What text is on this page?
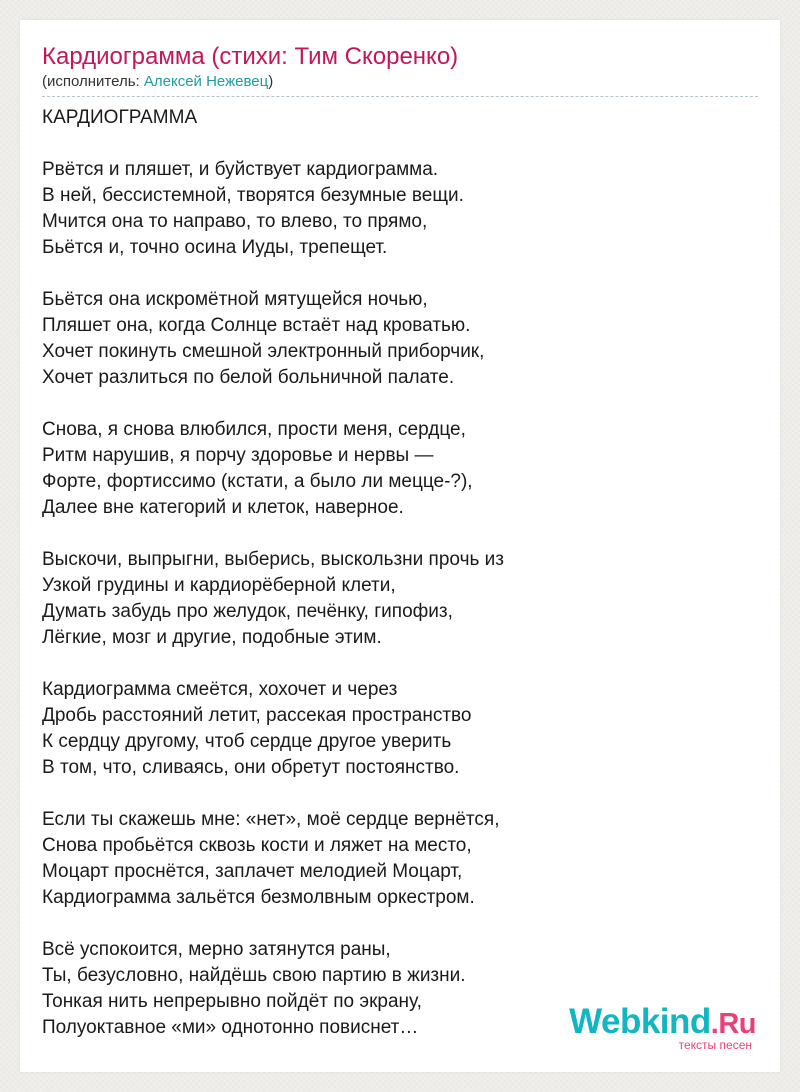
Кардиограмма (стихи: Тим Скоренко)
(исполнитель: Алексей Нежевец)
КАРДИОГРАММА
Рвётся и пляшет, и буйствует кардиограмма.
В ней, бессистемной, творятся безумные вещи.
Мчится она то направо, то влево, то прямо,
Бьётся и, точно осина Иуды, трепещет.
Бьётся она искромётной мятущейся ночью,
Пляшет она, когда Солнце встаёт над кроватью.
Хочет покинуть смешной электронный приборчик,
Хочет разлиться по белой больничной палате.
Снова, я снова влюбился, прости меня, сердце,
Ритм нарушив, я порчу здоровье и нервы —
Форте, фортиссимо (кстати, а было ли мецце-?),
Далее вне категорий и клеток, наверное.
Выскочи, выпрыгни, выберись, выскользни прочь из
Узкой грудины и кардиорёберной клети,
Думать забудь про желудок, печёнку, гипофиз,
Лёгкие, мозг и другие, подобные этим.
Кардиограмма смеётся, хохочет и через
Дробь расстояний летит, рассекая пространство
К сердцу другому, чтоб сердце другое уверить
В том, что, сливаясь, они обретут постоянство.
Если ты скажешь мне: «нет», моё сердце вернётся,
Снова пробьётся сквозь кости и ляжет на место,
Моцарт проснётся, заплачет мелодией Моцарт,
Кардиограмма зальётся безмолвным оркестром.
Всё успокоится, мерно затянутся раны,
Ты, безусловно, найдёшь свою партию в жизни.
Тонкая нить непрерывно пойдёт по экрану,
Полуоктавное «ми» однотонно повиснет…	Webkind.Ru
тексты песен
